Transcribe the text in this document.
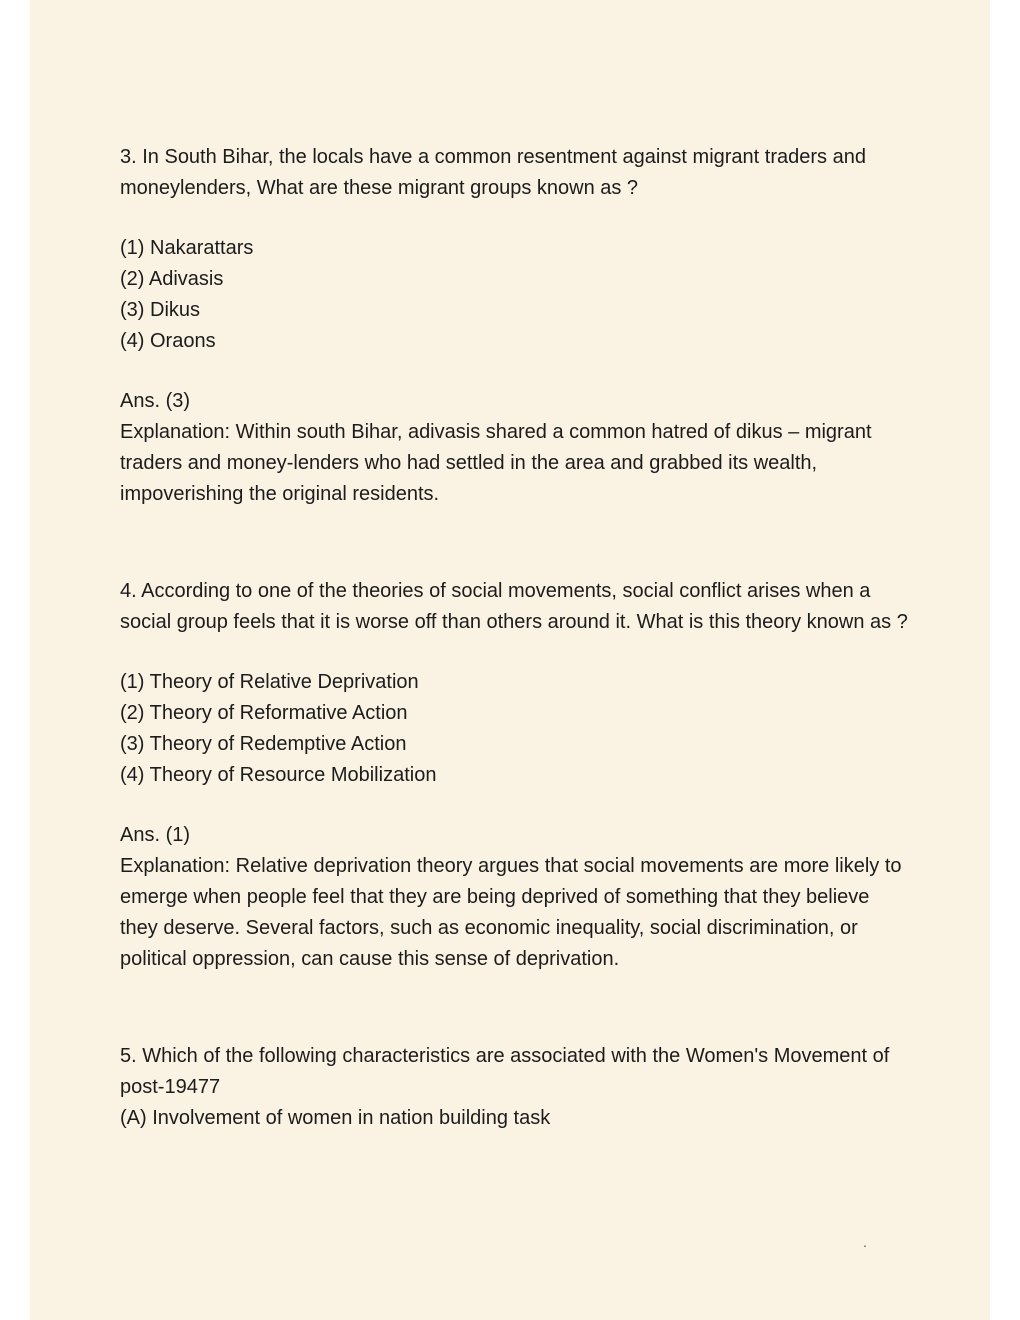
3. In South Bihar, the locals have a common resentment against migrant traders and moneylenders, What are these migrant groups known as ?

(1) Nakarattars

(2) Adivasis

(3) Dikus

(4) Oraons

Ans. (3)

Explanation: Within south Bihar, adivasis shared a common hatred of dikus – migrant traders and money-lenders who had settled in the area and grabbed its wealth, impoverishing the original residents.

4. According to one of the theories of social movements, social conflict arises when a social group feels that it is worse off than others around it. What is this theory known as ?

(1) Theory of Relative Deprivation

(2) Theory of Reformative Action

(3) Theory of Redemptive Action

(4) Theory of Resource Mobilization

Ans. (1)

Explanation: Relative deprivation theory argues that social movements are more likely to emerge when people feel that they are being deprived of something that they believe they deserve. Several factors, such as economic inequality, social discrimination, or political oppression, can cause this sense of deprivation.

5. Which of the following characteristics are associated with the Women's Movement of post-19477

(A) Involvement of women in nation building task

.
